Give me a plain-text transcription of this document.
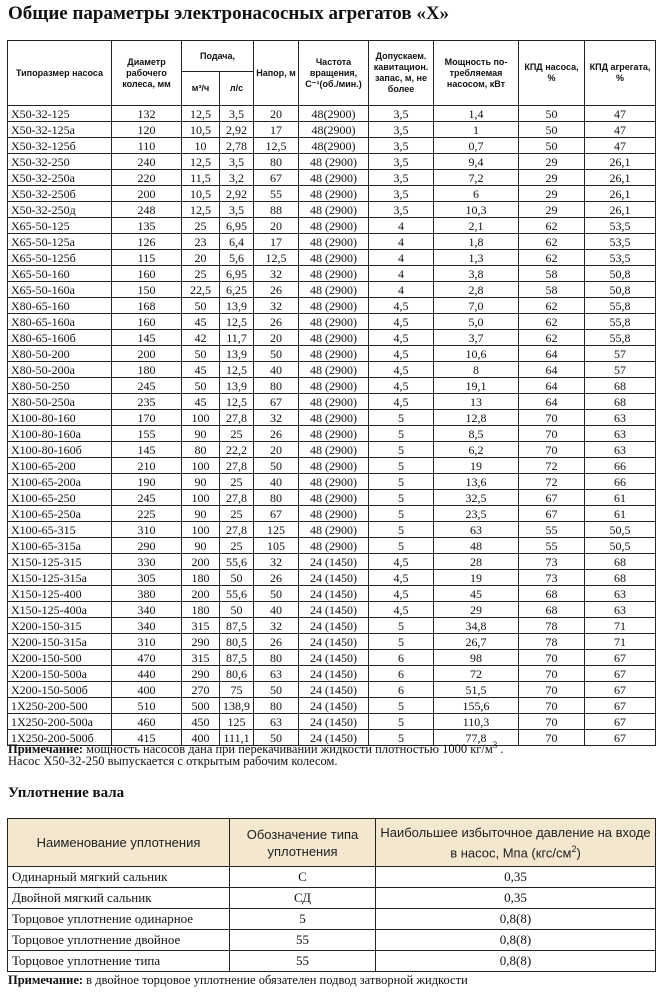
Общие параметры электронасосных агрегатов «Х»
Типоразмер насоса	Диаметр рабочего колеса, мм	Подача,		Напор, м	Частота вращения, С⁻¹(об./мин.)	Допускаем. кавитацион. запас, м, не более	Мощность по-требляемая насосом, кВт	КПД насоса, %	КПД агрегата, %
		м³/ч	л/с						
Х50-32-125	132	12,5	3,5	20	48(2900)	3,5	1,4	50	47
Х50-32-125а	120	10,5	2,92	17	48(2900)	3,5	1	50	47
Х50-32-125б	110	10	2,78	12,5	48(2900)	3,5	0,7	50	47
Х50-32-250	240	12,5	3,5	80	48 (2900)	3,5	9,4	29	26,1
Х50-32-250а	220	11,5	3,2	67	48 (2900)	3,5	7,2	29	26,1
Х50-32-250б	200	10,5	2,92	55	48 (2900)	3,5	6	29	26,1
Х50-32-250д	248	12,5	3,5	88	48 (2900)	3,5	10,3	29	26,1
Х65-50-125	135	25	6,95	20	48 (2900)	4	2,1	62	53,5
Х65-50-125а	126	23	6,4	17	48 (2900)	4	1,8	62	53,5
Х65-50-125б	115	20	5,6	12,5	48 (2900)	4	1,3	62	53,5
Х65-50-160	160	25	6,95	32	48 (2900)	4	3,8	58	50,8
Х65-50-160а	150	22,5	6,25	26	48 (2900)	4	2,8	58	50,8
Х80-65-160	168	50	13,9	32	48 (2900)	4,5	7,0	62	55,8
Х80-65-160а	160	45	12,5	26	48 (2900)	4,5	5,0	62	55,8
Х80-65-160б	145	42	11,7	20	48 (2900)	4,5	3,7	62	55,8
Х80-50-200	200	50	13,9	50	48 (2900)	4,5	10,6	64	57
Х80-50-200а	180	45	12,5	40	48 (2900)	4,5	8	64	57
Х80-50-250	245	50	13,9	80	48 (2900)	4,5	19,1	64	68
Х80-50-250а	235	45	12,5	67	48 (2900)	4,5	13	64	68
Х100-80-160	170	100	27,8	32	48 (2900)	5	12,8	70	63
Х100-80-160а	155	90	25	26	48 (2900)	5	8,5	70	63
Х100-80-160б	145	80	22,2	20	48 (2900)	5	6,2	70	63
Х100-65-200	210	100	27,8	50	48 (2900)	5	19	72	66
Х100-65-200а	190	90	25	40	48 (2900)	5	13,6	72	66
Х100-65-250	245	100	27,8	80	48 (2900)	5	32,5	67	61
Х100-65-250а	225	90	25	67	48 (2900)	5	23,5	67	61
Х100-65-315	310	100	27,8	125	48 (2900)	5	63	55	50,5
Х100-65-315а	290	90	25	105	48 (2900)	5	48	55	50,5
Х150-125-315	330	200	55,6	32	24 (1450)	4,5	28	73	68
Х150-125-315а	305	180	50	26	24 (1450)	4,5	19	73	68
Х150-125-400	380	200	55,6	50	24 (1450)	4,5	45	68	63
Х150-125-400а	340	180	50	40	24 (1450)	4,5	29	68	63
Х200-150-315	340	315	87,5	32	24 (1450)	5	34,8	78	71
Х200-150-315а	310	290	80,5	26	24 (1450)	5	26,7	78	71
Х200-150-500	470	315	87,5	80	24 (1450)	6	98	70	67
Х200-150-500а	440	290	80,6	63	24 (1450)	6	72	70	67
Х200-150-500б	400	270	75	50	24 (1450)	6	51,5	70	67
1Х250-200-500	510	500	138,9	80	24 (1450)	5	155,6	70	67
1Х250-200-500а	460	450	125	63	24 (1450)	5	110,3	70	67
1Х250-200-500б	415	400	111,1	50	24 (1450)	5	77,8	70	67
Примечание: мощность насосов дана при перекачивании жидкости плотностью 1000 $кг/м^3$ .
Насос Х50-32-250 выпускается с открытым рабочим колесом.
Уплотнение вала
Наименование уплотнения	Обозначение типа уплотнения	Наибольшее избыточное давление на входе в насос, Мпа $(кгс/см^2)$
Одинарный мягкий сальник	С	0,35
Двойной мягкий сальник	СД	0,35
Торцовое уплотнение одинарное	5	0,8(8)
Торцовое уплотнение двойное	55	0,8(8)
Торцовое уплотнение типа	55	0,8(8)
Примечание: в двойное торцовое уплотнение обязателен подвод затворной жидкости
